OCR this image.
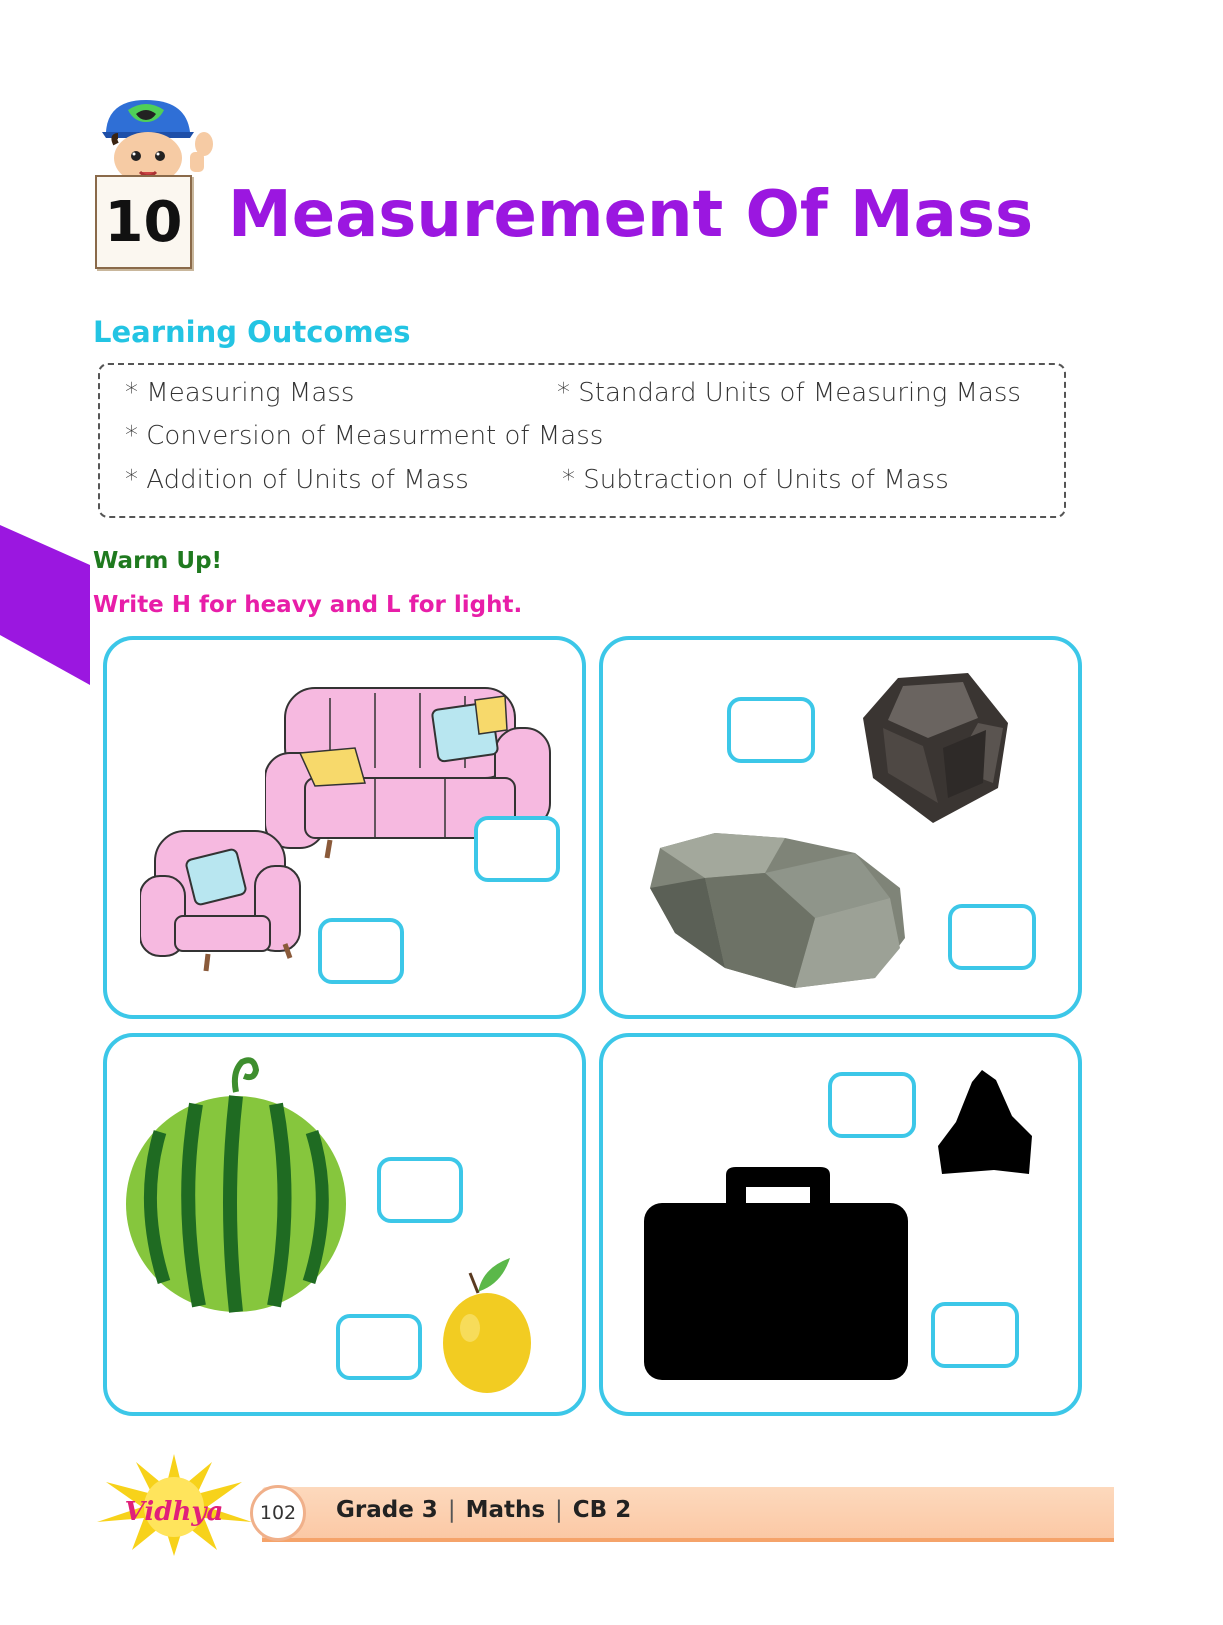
10 Measurement Of Mass
Learning Outcomes
* Measuring Mass	* Standard Units of Measuring Mass
* Conversion of Measurment of Mass
* Addition of Units of Mass	* Subtraction of Units of Mass
Warm Up!
Write H for heavy and L for light.
Vidhya 102 Grade 3 | Maths | CB 2
